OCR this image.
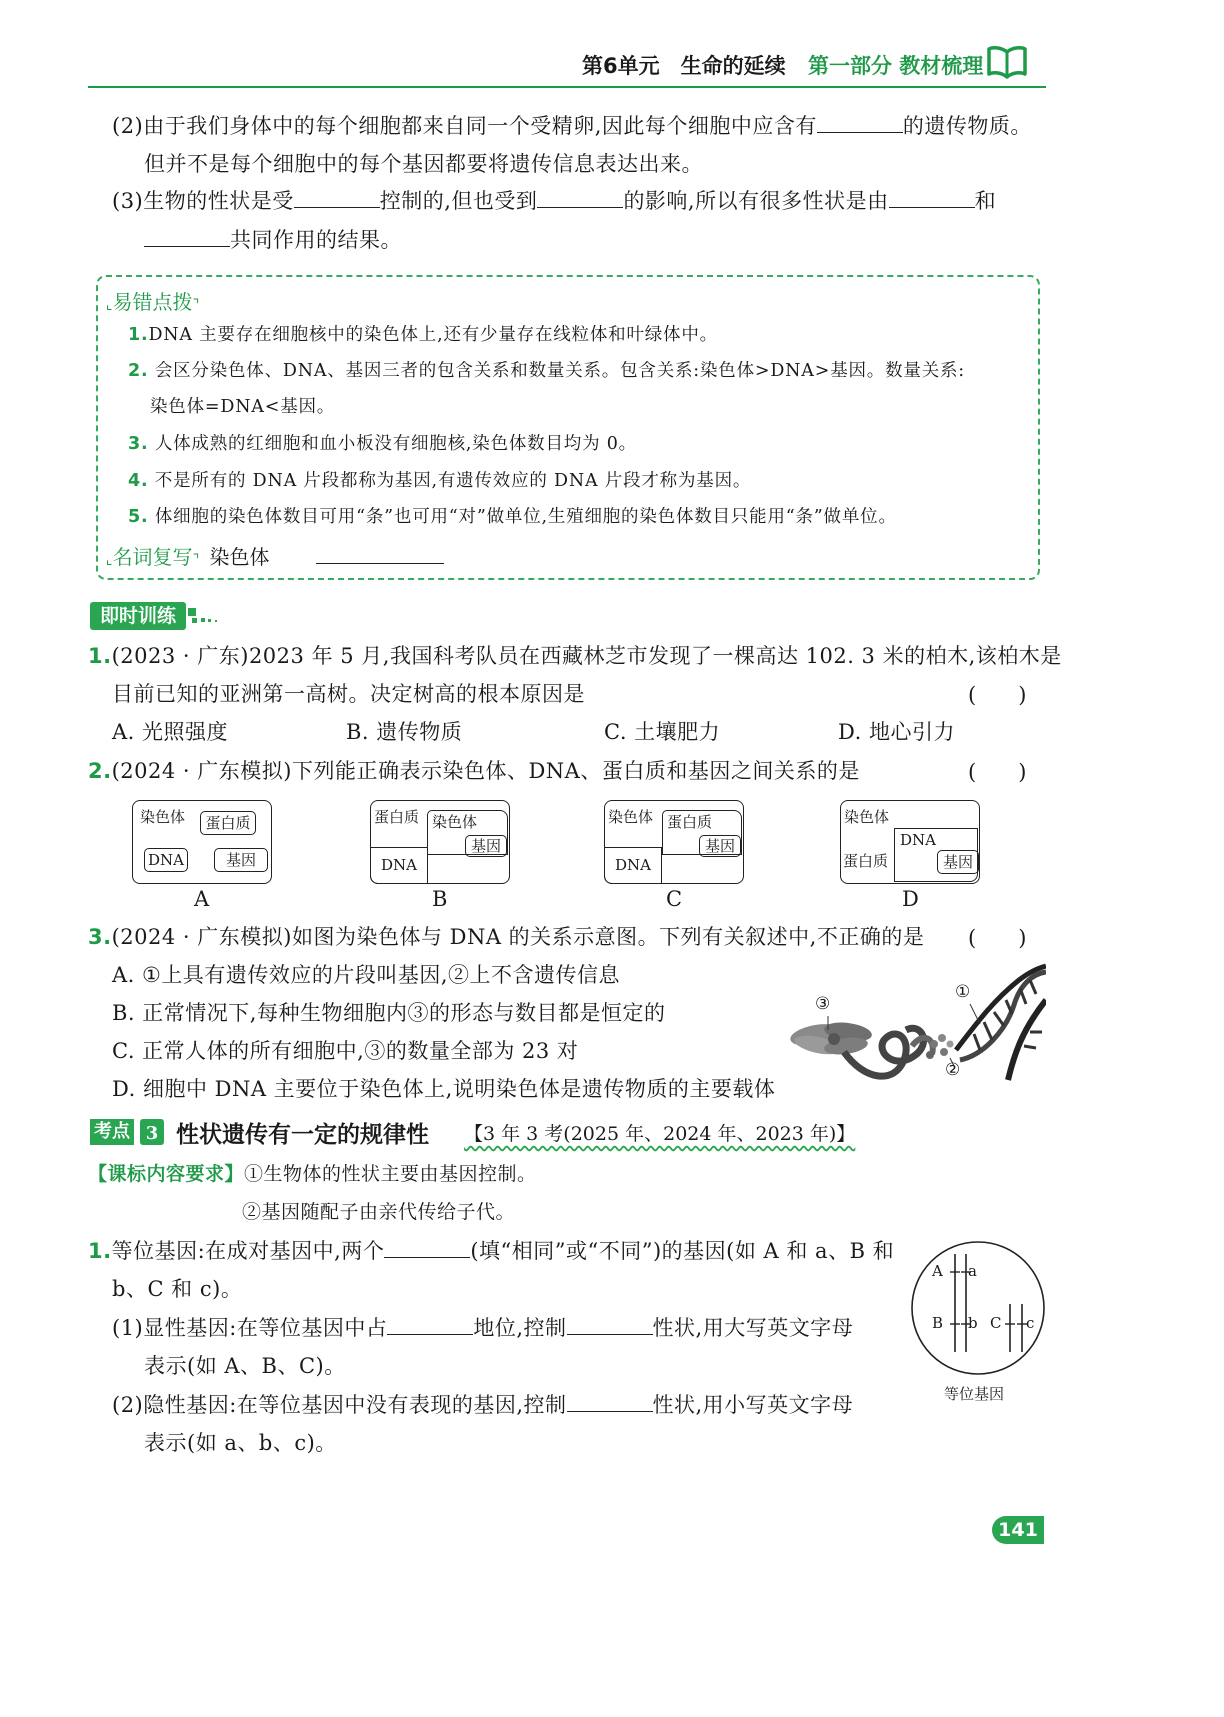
第6单元　生命的延续 第一部分 教材梳理
(2)由于我们身体中的每个细胞都来自同一个受精卵,因此每个细胞中应含有	的遗传物质。
但并不是每个细胞中的每个基因都要将遗传信息表达出来。
(3)生物的性状是受	控制的,但也受到	的影响,所以有很多性状是由	和
共同作用的结果。
⌞易错点拨⌝
1.DNA 主要存在细胞核中的染色体上,还有少量存在线粒体和叶绿体中。
2. 会区分染色体、DNA、基因三者的包含关系和数量关系。包含关系:染色体>DNA>基因。数量关系:
染色体=DNA<基因。
3. 人体成熟的红细胞和血小板没有细胞核,染色体数目均为 0。
4. 不是所有的 DNA 片段都称为基因,有遗传效应的 DNA 片段才称为基因。
5. 体细胞的染色体数目可用“条”也可用“对”做单位,生殖细胞的染色体数目只能用“条”做单位。
⌞名词复写⌝ 染色体
即时训练
1.(2023 · 广东)2023 年 5 月,我国科考队员在西藏林芝市发现了一棵高达 102. 3 米的柏木,该柏木是
目前已知的亚洲第一高树。决定树高的根本原因是	(　　)
A. 光照强度	B. 遗传物质	C. 土壤肥力	D. 地心引力
2.(2024 · 广东模拟)下列能正确表示染色体、DNA、蛋白质和基因之间关系的是	(　　)
染色体	蛋白质
DNA	基因
A
蛋白质 染色体
基因
DNA
B
染色体 蛋白质
基因
DNA
C
染色体
DNA
基因
蛋白质
D
3.(2024 · 广东模拟)如图为染色体与 DNA 的关系示意图。下列有关叙述中,不正确的是 (　　)
A. ①上具有遗传效应的片段叫基因,②上不含遗传信息
B. 正常情况下,每种生物细胞内③的形态与数目都是恒定的
C. 正常人体的所有细胞中,③的数量全部为 23 对
D. 细胞中 DNA 主要位于染色体上,说明染色体是遗传物质的主要载体
③
①
②
考点 3 性状遗传有一定的规律性 【3 年 3 考(2025 年、2024 年、2023 年)】
【课标内容要求】①生物体的性状主要由基因控制。
②基因随配子由亲代传给子代。
1.等位基因:在成对基因中,两个	(填“相同”或“不同”)的基因(如 A 和 a、B 和
b、C 和 c)。
(1)显性基因:在等位基因中占	地位,控制	性状,用大写英文字母
表示(如 A、B、C)。
(2)隐性基因:在等位基因中没有表现的基因,控制	性状,用小写英文字母
表示(如 a、b、c)。
A a
B b C c
等位基因
141
